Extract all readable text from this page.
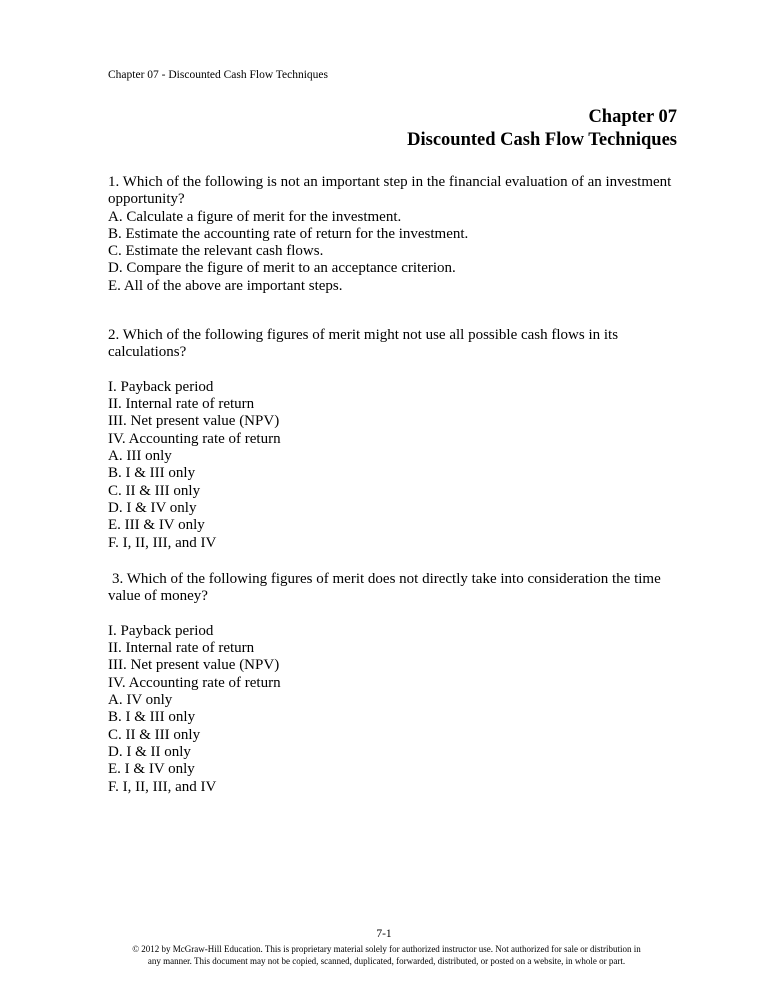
Chapter 07 - Discounted Cash Flow Techniques
Chapter 07
Discounted Cash Flow Techniques
1. Which of the following is not an important step in the financial evaluation of an investment
opportunity?
A. Calculate a figure of merit for the investment.
B. Estimate the accounting rate of return for the investment.
C. Estimate the relevant cash flows.
D. Compare the figure of merit to an acceptance criterion.
E. All of the above are important steps.
2. Which of the following figures of merit might not use all possible cash flows in its
calculations?
I. Payback period
II. Internal rate of return
III. Net present value (NPV)
IV. Accounting rate of return
A. III only
B. I & III only
C. II & III only
D. I & IV only
E. III & IV only
F. I, II, III, and IV
3. Which of the following figures of merit does not directly take into consideration the time
value of money?
I. Payback period
II. Internal rate of return
III. Net present value (NPV)
IV. Accounting rate of return
A. IV only
B. I & III only
C. II & III only
D. I & II only
E. I & IV only
F. I, II, III, and IV
7-1
© 2012 by McGraw-Hill Education. This is proprietary material solely for authorized instructor use. Not authorized for sale or distribution in
any manner. This document may not be copied, scanned, duplicated, forwarded, distributed, or posted on a website, in whole or part.
